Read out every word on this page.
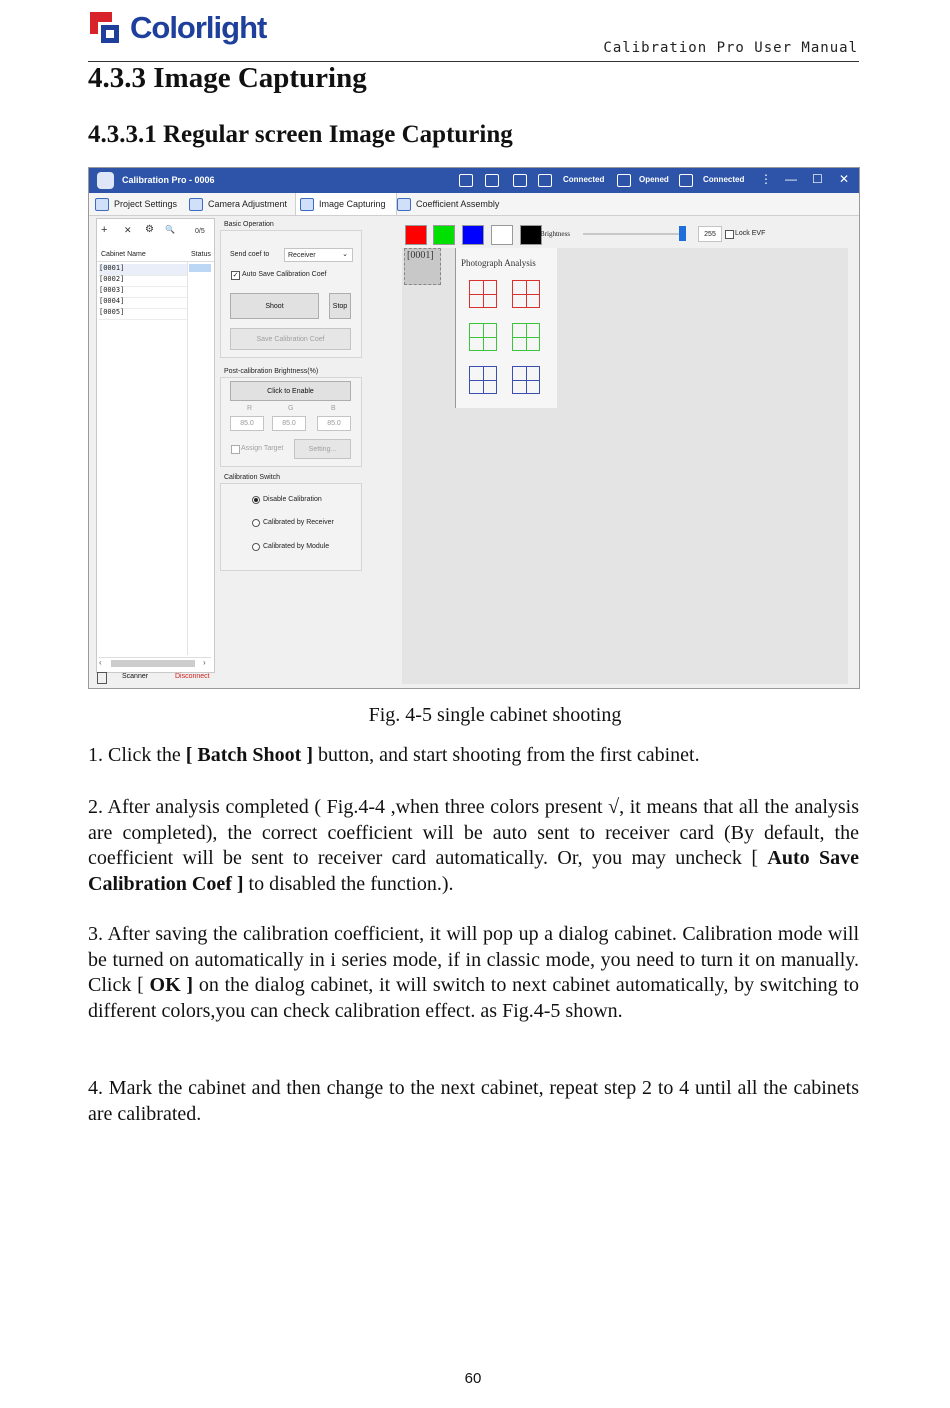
Colorlight
Calibration Pro User Manual
4.3.3 Image Capturing
4.3.3.1 Regular screen Image Capturing
Calibration Pro - 0006	Connected	Opened	Connected ⋮ — ☐ ✕
Project Settings	Camera Adjustment	Image Capturing	Coefficient Assembly
+ ✕ ⚙ 🔍	0/5
Cabinet Name	Status
[0001]
[0002]
[0003]
[0004]
[0005]
‹	›
Scanner	Disconnect
Basic Operation
Send coef to	Receiver	⌄
✓ Auto Save Calibration Coef
Shoot	Stop
Save Calibration Coef
Post-calibration Brightness(%)
Click to Enable
R	G	B
85.0	85.0	85.0
Assign Target	Setting...
Calibration Switch
Disable Calibration
Calibrated by Receiver
Calibrated by Module
Brightness	255	Lock EVF
[0001]
Photograph Analysis
Fig. 4-5 single cabinet shooting
1. Click the [ Batch Shoot ] button, and start shooting from the first cabinet.
2. After analysis completed ( Fig.4-4 ,when three colors present √, it means that all the analysis are completed), the correct coefficient will be auto sent to receiver card (By default, the coefficient will be sent to receiver card automatically. Or, you may uncheck [ Auto Save Calibration Coef ] to disabled the function.).
3. After saving the calibration coefficient, it will pop up a dialog cabinet. Calibration mode will be turned on automatically in i series mode, if in classic mode, you need to turn it on manually. Click [ OK ] on the dialog cabinet, it will switch to next cabinet automatically, by switching to different colors,you can check calibration effect. as Fig.4-5 shown.
4. Mark the cabinet and then change to the next cabinet, repeat step 2 to 4 until all the cabinets are calibrated.
60
